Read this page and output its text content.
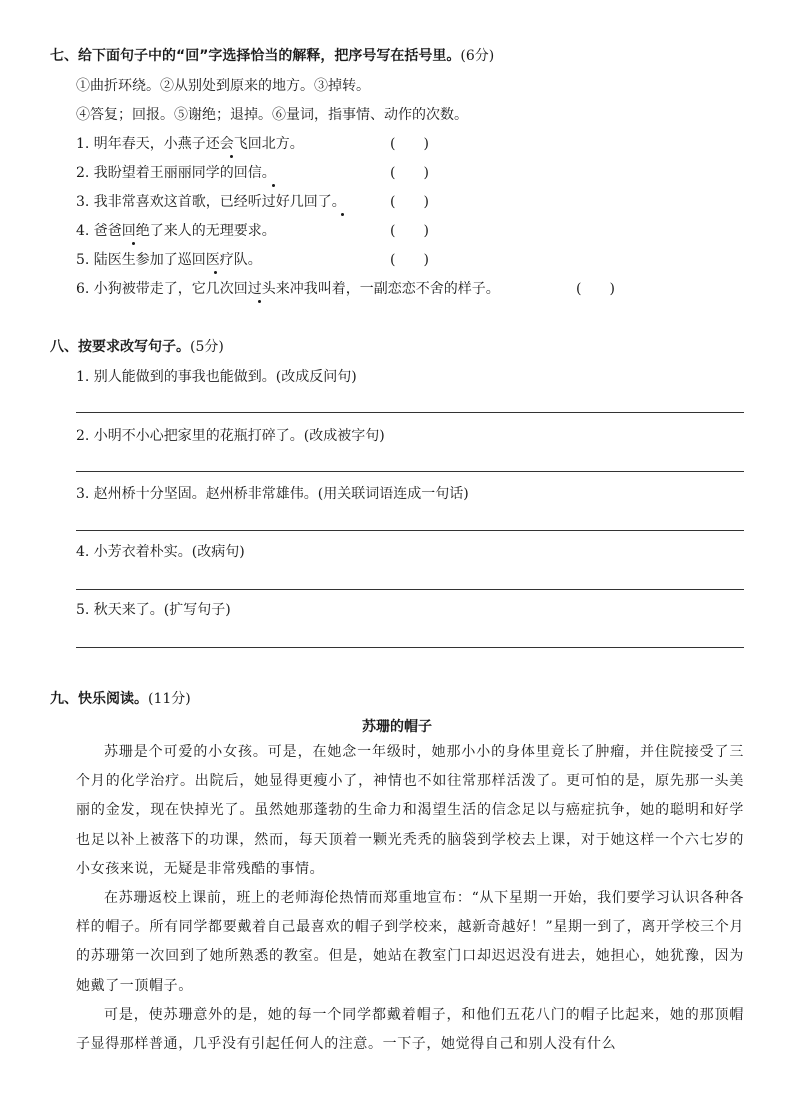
七、给下面句子中的“回”字选择恰当的解释，把序号写在括号里。(6分)
①曲折环绕。②从别处到原来的地方。③掉转。
④答复；回报。⑤谢绝；退掉。⑥量词，指事情、动作的次数。
1. 明年春天，小燕子还会飞回北方。	(　　)
2. 我盼望着王丽丽同学的回信。	(　　)
3. 我非常喜欢这首歌，已经听过好几回了。	(　　)
4. 爸爸回绝了来人的无理要求。	(　　)
5. 陆医生参加了巡回医疗队。	(　　)
6. 小狗被带走了，它几次回过头来冲我叫着，一副恋恋不舍的样子。	(　　)
八、按要求改写句子。(5分)
1. 别人能做到的事我也能做到。(改成反问句)
2. 小明不小心把家里的花瓶打碎了。(改成被字句)
3. 赵州桥十分坚固。赵州桥非常雄伟。(用关联词语连成一句话)
4. 小芳衣着朴实。(改病句)
5. 秋天来了。(扩写句子)
九、快乐阅读。(11分)
苏珊的帽子

苏珊是个可爱的小女孩。可是，在她念一年级时，她那小小的身体里竟长了肿瘤，并住院接受了三个月的化学治疗。出院后，她显得更瘦小了，神情也不如往常那样活泼了。更可怕的是，原先那一头美丽的金发，现在快掉光了。虽然她那蓬勃的生命力和渴望生活的信念足以与癌症抗争，她的聪明和好学也足以补上被落下的功课，然而，每天顶着一颗光秃秃的脑袋到学校去上课，对于她这样一个六七岁的小女孩来说，无疑是非常残酷的事情。

在苏珊返校上课前，班上的老师海伦热情而郑重地宣布：“从下星期一开始，我们要学习认识各种各样的帽子。所有同学都要戴着自己最喜欢的帽子到学校来，越新奇越好！”星期一到了，离开学校三个月的苏珊第一次回到了她所熟悉的教室。但是，她站在教室门口却迟迟没有进去，她担心，她犹豫，因为她戴了一顶帽子。

可是，使苏珊意外的是，她的每一个同学都戴着帽子，和他们五花八门的帽子比起来，她的那顶帽子显得那样普通，几乎没有引起任何人的注意。一下子，她觉得自己和别人没有什么
